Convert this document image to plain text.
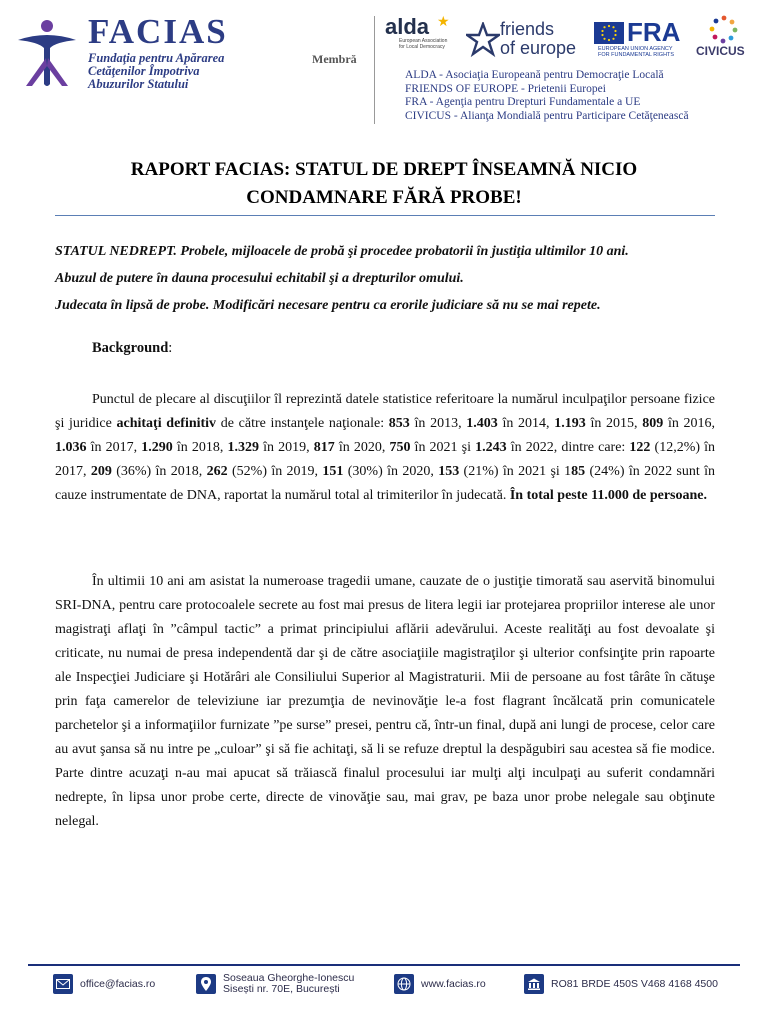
FACIAS
Fundaţia pentru Apărarea
Cetăţenilor Împotriva
Abuzurilor Statului
Membră
alda ★
European Association
for Local Democracy
friends
of europe
FRA
EUROPEAN UNION AGENCY
FOR FUNDAMENTAL RIGHTS CIVICUS
ALDA - Asociaţia Europeană pentru Democraţie Locală
FRIENDS OF EUROPE - Prietenii Europei
FRA - Agenţia pentru Drepturi Fundamentale a UE
CIVICUS - Alianţa Mondială pentru Participare Cetăţenească
RAPORT FACIAS: STATUL DE DREPT ÎNSEAMNĂ NICIO
CONDAMNARE FĂRĂ PROBE!
STATUL NEDREPT. Probele, mijloacele de probă şi procedee probatorii în justiţia ultimilor 10 ani.
Abuzul de putere în dauna procesului echitabil şi a drepturilor omului.
Judecata în lipsă de probe. Modificări necesare pentru ca erorile judiciare să nu se mai repete.
Background:

Punctul de plecare al discuţiilor îl reprezintă datele statistice referitoare la numărul inculpaţilor persoane fizice şi juridice achitaţi definitiv de către instanţele naţionale: 853 în 2013, 1.403 în 2014, 1.193 în 2015, 809 în 2016, 1.036 în 2017, 1.290 în 2018, 1.329 în 2019, 817 în 2020, 750 în 2021 şi 1.243 în 2022, dintre care: 122 (12,2%) în 2017, 209 (36%) în 2018, 262 (52%) în 2019, 151 (30%) în 2020, 153 (21%) în 2021 şi 185 (24%) în 2022 sunt în cauze instrumentate de DNA, raportat la numărul total al trimiterilor în judecată. În total peste 11.000 de persoane.

În ultimii 10 ani am asistat la numeroase tragedii umane, cauzate de o justiţie timorată sau aservită binomului SRI-DNA, pentru care protocoalele secrete au fost mai presus de litera legii iar protejarea propriilor interese ale unor magistraţi aflaţi în ”câmpul tactic” a primat principiului aflării adevărului. Aceste realităţi au fost devoalate şi criticate, nu numai de presa independentă dar şi de către asociaţiile magistraţilor şi ulterior confsinţite prin rapoarte ale Inspecţiei Judiciare şi Hotărâri ale Consiliului Superior al Magistraturii. Mii de persoane au fost târâte în cătuşe prin faţa camerelor de televiziune iar prezumţia de nevinovăţie le-a fost flagrant încălcată prin comunicatele parchetelor şi a informaţiilor furnizate ”pe surse” presei, pentru că, într-un final, după ani lungi de procese, celor care au avut şansa să nu intre pe „culoar” şi să fie achitaţi, să li se refuze dreptul la despăgubiri sau acestea să fie modice. Parte dintre acuzaţi n-au mai apucat să trăiască finalul procesului iar mulţi alţi inculpaţi au suferit condamnări nedrepte, în lipsa unor probe certe, directe de vinovăţie sau, mai grav, pe baza unor probe nelegale sau obţinute nelegal.

office@facias.ro	Soseaua Gheorghe-Ionescu
Sisești nr. 70E, București	www.facias.ro	RO81 BRDE 450S V468 4168 4500
